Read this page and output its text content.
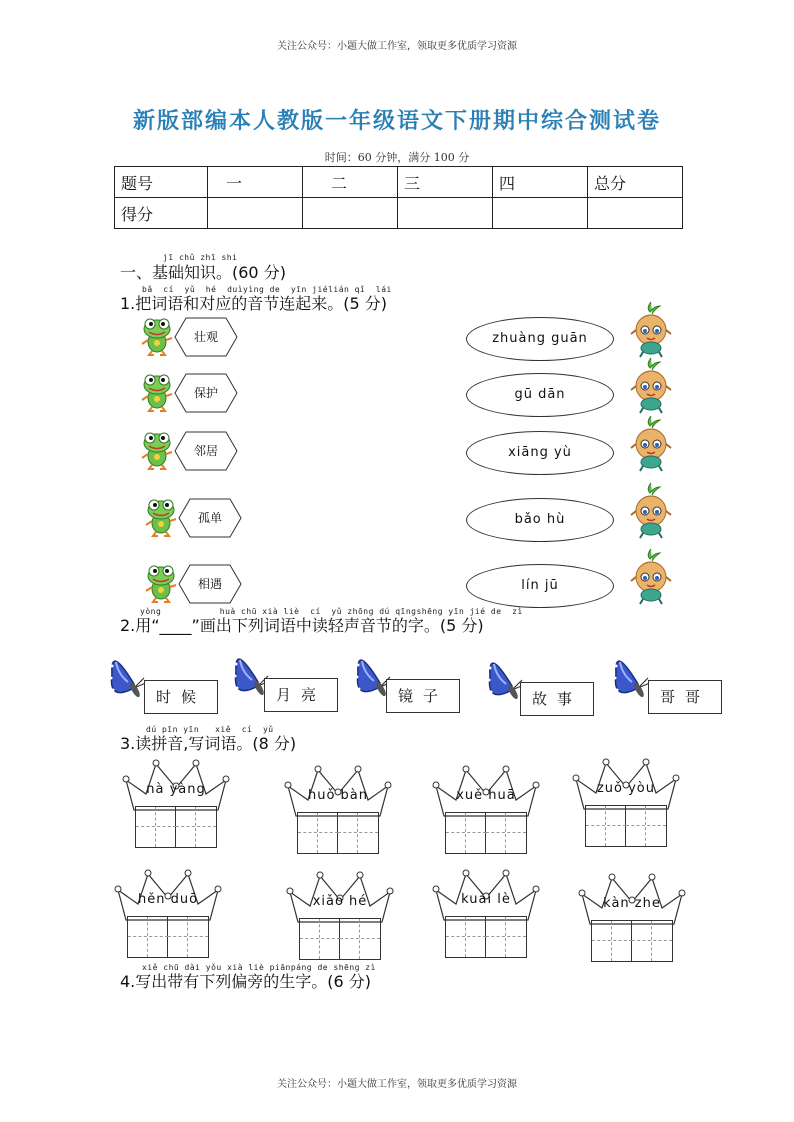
关注公众号：小题大做工作室，领取更多优质学习资源
新版部编本人教版一年级语文下册期中综合测试卷
时间：60 分钟，满分 100 分
题号	一	二	三	四	总分
得分					
jī chǔ zhī shi
一、基础知识。(60 分)
bǎ  cí  yǔ  hé  duìyìng de  yīn jiélián qǐ  lái
1.把词语和对应的音节连起来。(5 分)
壮观	zhuàng guān
保护	gū dān
邻居	xiāng yù
孤单	bǎo hù
相遇	lín jū
yòng           huà chū xià liè  cí  yǔ zhōng dú qīngshēng yīn jié de  zì
2.用“____”画出下列词语中读轻声音节的字。(5 分)
时候	月亮	镜子	故事	哥哥
dú pīn yīn   xiě  cí  yǔ
3.读拼音,写词语。(8 分)
nà yàng	huǒ bàn	xuě huā	zuǒ yòu
hěn duō	xiǎo hé	kuài lè	kàn zhe
xiě chū dài yǒu xià liè piānpáng de shēng zì
4.写出带有下列偏旁的生字。(6 分)
关注公众号：小题大做工作室，领取更多优质学习资源
